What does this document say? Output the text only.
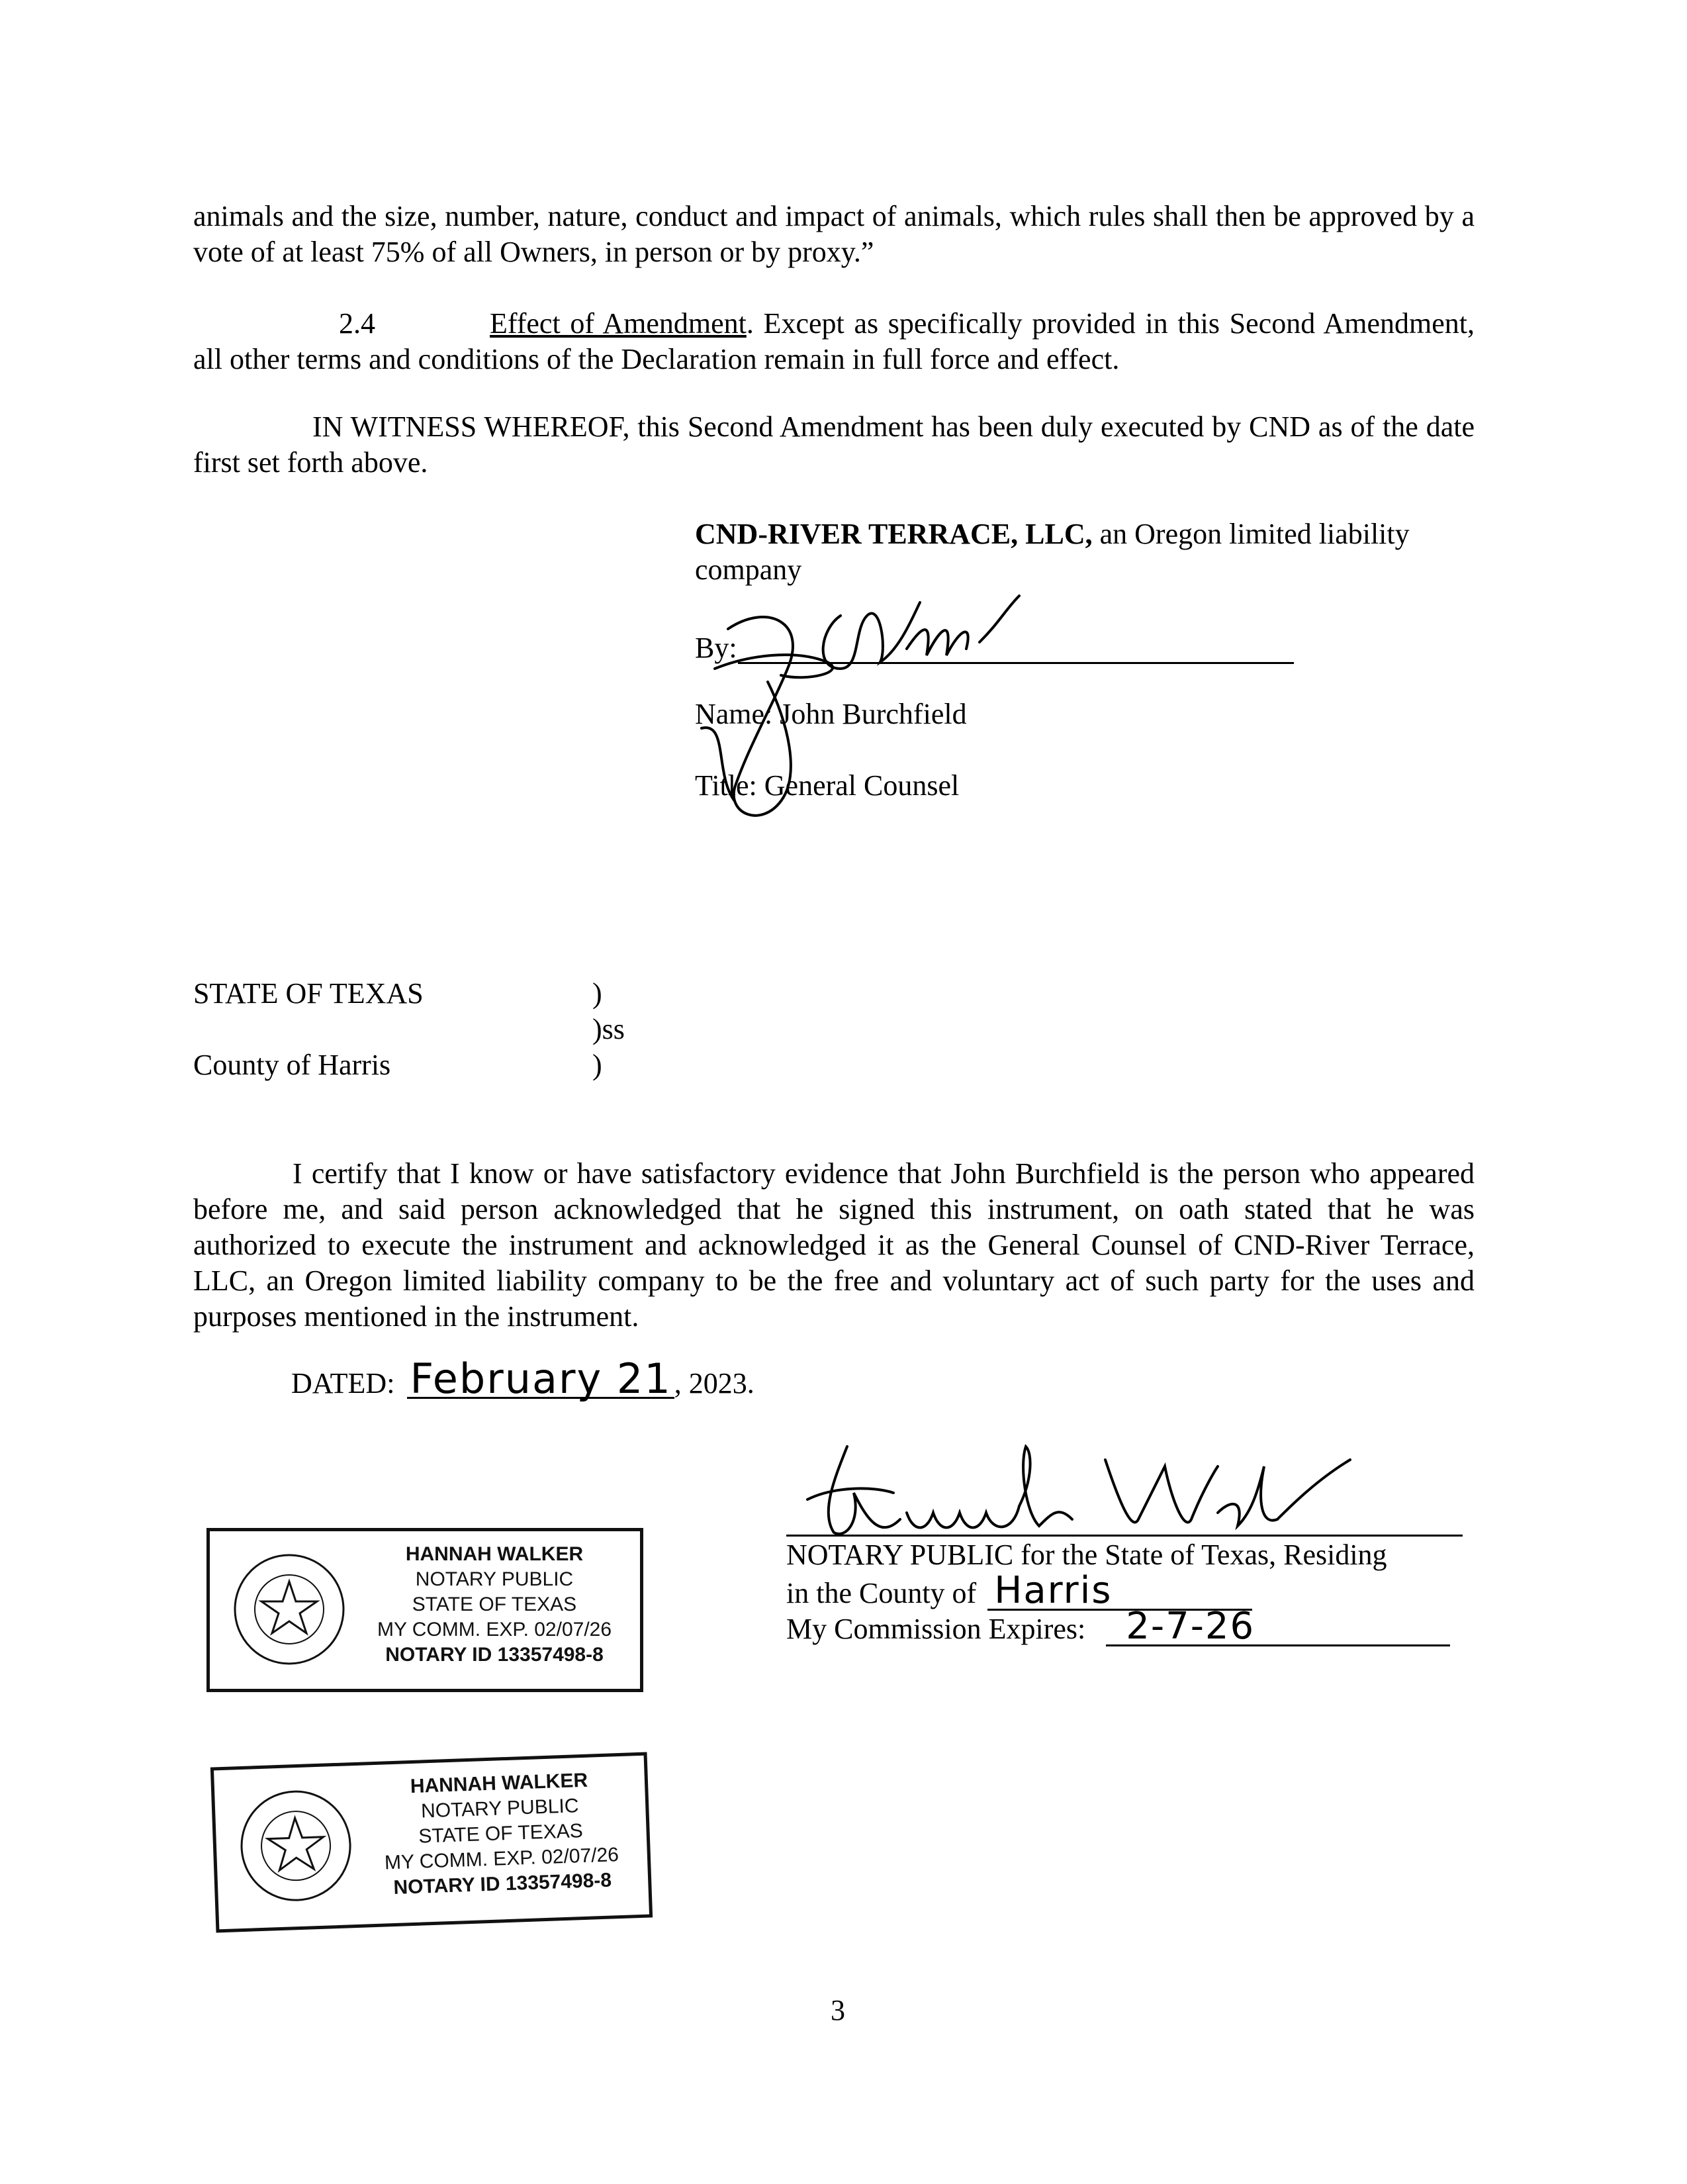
animals and the size, number, nature, conduct and impact of animals, which rules shall then be approved by a vote of at least 75% of all Owners, in person or by proxy.”
2.4	Effect of Amendment. Except as specifically provided in this Second Amendment, all other terms and conditions of the Declaration remain in full force and effect.
IN WITNESS WHEREOF, this Second Amendment has been duly executed by CND as of the date first set forth above.
CND-RIVER TERRACE, LLC, an Oregon limited liability company
By:
Name: John Burchfield
Title: General Counsel
STATE OF TEXAS
County of Harris
)
)ss
)
I certify that I know or have satisfactory evidence that John Burchfield is the person who appeared before me, and said person acknowledged that he signed this instrument, on oath stated that he was authorized to execute the instrument and acknowledged it as the General Counsel of CND-River Terrace, LLC, an Oregon limited liability company to be the free and voluntary act of such party for the uses and purposes mentioned in the instrument.
DATED: February 21, 2023.
NOTARY PUBLIC for the State of Texas, Residing
in the County of Harris
My Commission Expires: 2-7-26
HANNAH WALKER
NOTARY PUBLIC
STATE OF TEXAS
MY COMM. EXP. 02/07/26
NOTARY ID 13357498-8
HANNAH WALKER
NOTARY PUBLIC
STATE OF TEXAS
MY COMM. EXP. 02/07/26
NOTARY ID 13357498-8
3
